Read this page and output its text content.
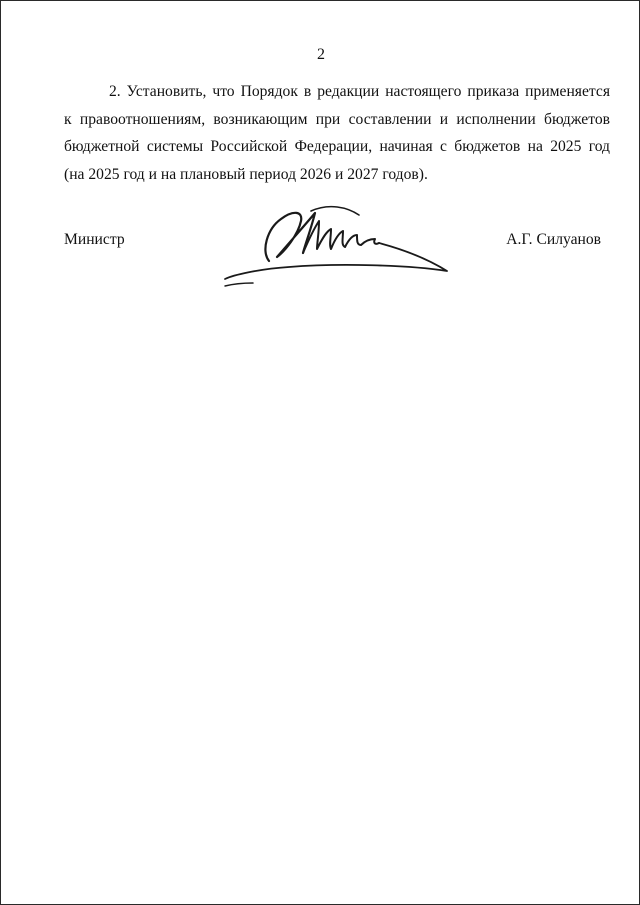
2
2. Установить, что Порядок в редакции настоящего приказа применяется
к правоотношениям, возникающим при составлении и исполнении бюджетов
бюджетной системы Российской Федерации, начиная с бюджетов на 2025 год
(на 2025 год и на плановый период 2026 и 2027 годов).
Министр	А.Г. Силуанов
